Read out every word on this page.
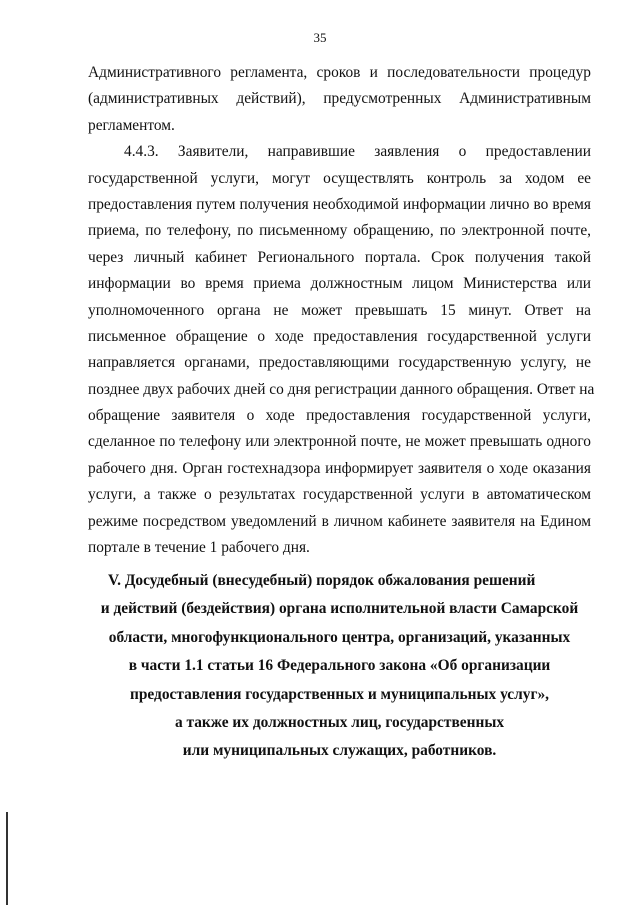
35
Административного регламента, сроков и последовательности процедур
(административных действий), предусмотренных Административным
регламентом.
4.4.3. Заявители, направившие заявления о предоставлении
государственной услуги, могут осуществлять контроль за ходом ее
предоставления путем получения необходимой информации лично во время
приема, по телефону, по письменному обращению, по электронной почте,
через личный кабинет Регионального портала. Срок получения такой
информации во время приема должностным лицом Министерства или
уполномоченного органа не может превышать 15 минут. Ответ на
письменное обращение о ходе предоставления государственной услуги
направляется органами, предоставляющими государственную услугу, не
позднее двух рабочих дней со дня регистрации данного обращения. Ответ на
обращение заявителя о ходе предоставления государственной услуги,
сделанное по телефону или электронной почте, не может превышать одного
рабочего дня. Орган гостехнадзора информирует заявителя о ходе оказания
услуги, а также о результатах государственной услуги в автоматическом
режиме посредством уведомлений в личном кабинете заявителя на Едином
портале в течение 1 рабочего дня.
V. Досудебный (внесудебный) порядок обжалования решений
и действий (бездействия) органа исполнительной власти Самарской
области, многофункционального центра, организаций, указанных
в части 1.1 статьи 16 Федерального закона «Об организации
предоставления государственных и муниципальных услуг»,
а также их должностных лиц, государственных
или муниципальных служащих, работников.
